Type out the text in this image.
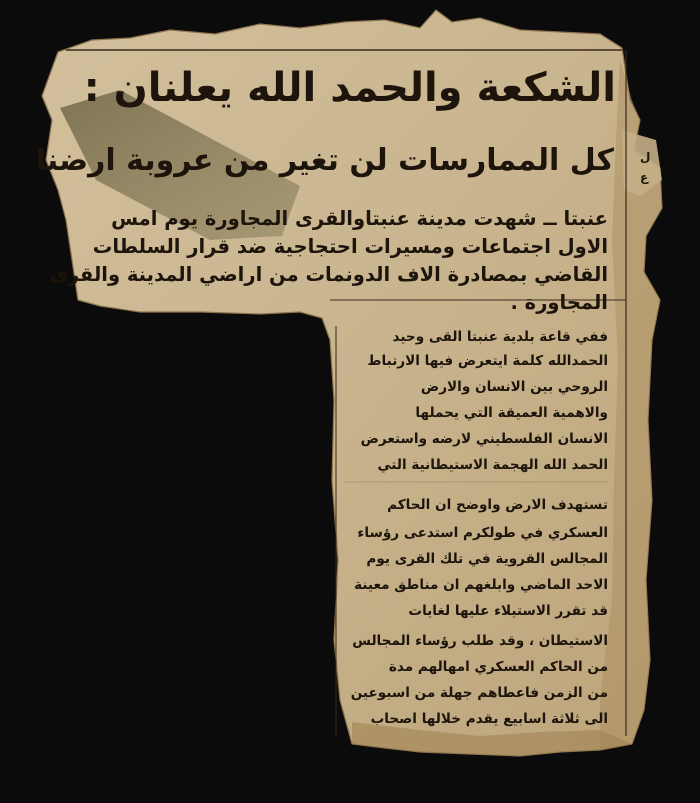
الشكعة والحمد الله يعلنان :
كل الممارسات لن تغير من عروبة ارضنا
عنبتا ــ شهدت مدينة عنبتاوالقرى المجاورة يوم امس
الاول اجتماعات ومسيرات احتجاجية ضد قرار السلطات
القاضي بمصادرة الاف الدونمات من اراضي المدينة والقرى
المجاورة .
ففي قاعة بلدية عنبتا القى وحيد
الحمدالله كلمة ايتعرض فيها الارتباط
الروحي بين الانسان والارض
والاهمية العميقة التي يحملها
الانسان الفلسطيني لارضه واستعرض
الحمد الله الهجمة الاستيطانية التي
تستهدف الارض واوضح ان الحاكم
العسكري في طولكرم استدعى رؤساء
المجالس القروية في تلك القرى يوم
الاحد الماضي وابلغهم ان مناطق معينة
قد تقرر الاستيلاء عليها لغايات
الاستيطان ، وقد طلب رؤساء المجالس
من الحاكم العسكري امهالهم مدة
من الزمن فاعطاهم جهلة من اسبوعين
الى ثلاثة اسابيع يقدم خلالها اصحاب
ل
ع
